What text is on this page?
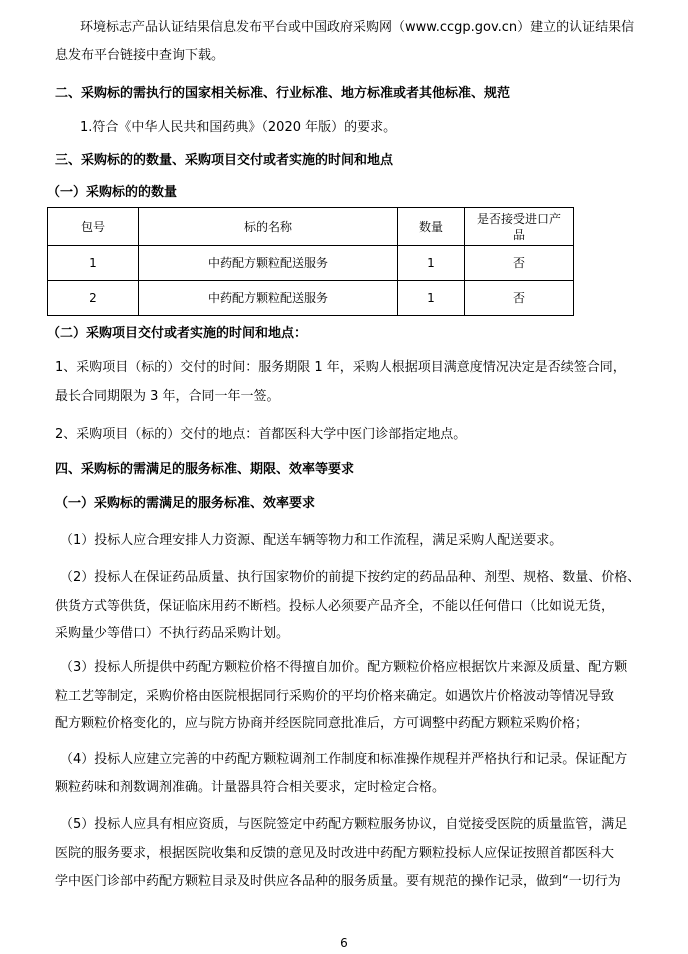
环境标志产品认证结果信息发布平台或中国政府采购网（www.ccgp.gov.cn）建立的认证结果信
息发布平台链接中查询下载。
二、采购标的需执行的国家相关标准、行业标准、地方标准或者其他标准、规范
1.符合《中华人民共和国药典》（2020 年版）的要求。
三、采购标的的数量、采购项目交付或者实施的时间和地点
（一）采购标的的数量
包号	标的名称	数量	是否接受进口产
品
1	中药配方颗粒配送服务	1	否
2	中药配方颗粒配送服务	1	否
（二）采购项目交付或者实施的时间和地点：
1、采购项目（标的）交付的时间：服务期限 1 年，采购人根据项目满意度情况决定是否续签合同，
最长合同期限为 3 年，合同一年一签。
2、采购项目（标的）交付的地点：首都医科大学中医门诊部指定地点。
四、采购标的需满足的服务标准、期限、效率等要求
（一）采购标的需满足的服务标准、效率要求
（1）投标人应合理安排人力资源、配送车辆等物力和工作流程，满足采购人配送要求。
（2）投标人在保证药品质量、执行国家物价的前提下按约定的药品品种、剂型、规格、数量、价格、
供货方式等供货，保证临床用药不断档。投标人必须要产品齐全，不能以任何借口（比如说无货，
采购量少等借口）不执行药品采购计划。
（3）投标人所提供中药配方颗粒价格不得擅自加价。配方颗粒价格应根据饮片来源及质量、配方颗
粒工艺等制定，采购价格由医院根据同行采购价的平均价格来确定。如遇饮片价格波动等情况导致
配方颗粒价格变化的，应与院方协商并经医院同意批准后，方可调整中药配方颗粒采购价格；
（4）投标人应建立完善的中药配方颗粒调剂工作制度和标准操作规程并严格执行和记录。保证配方
颗粒药味和剂数调剂准确。计量器具符合相关要求，定时检定合格。
（5）投标人应具有相应资质，与医院签定中药配方颗粒服务协议，自觉接受医院的质量监管，满足
医院的服务要求，根据医院收集和反馈的意见及时改进中药配方颗粒投标人应保证按照首都医科大
学中医门诊部中药配方颗粒目录及时供应各品种的服务质量。要有规范的操作记录，做到“一切行为
6
